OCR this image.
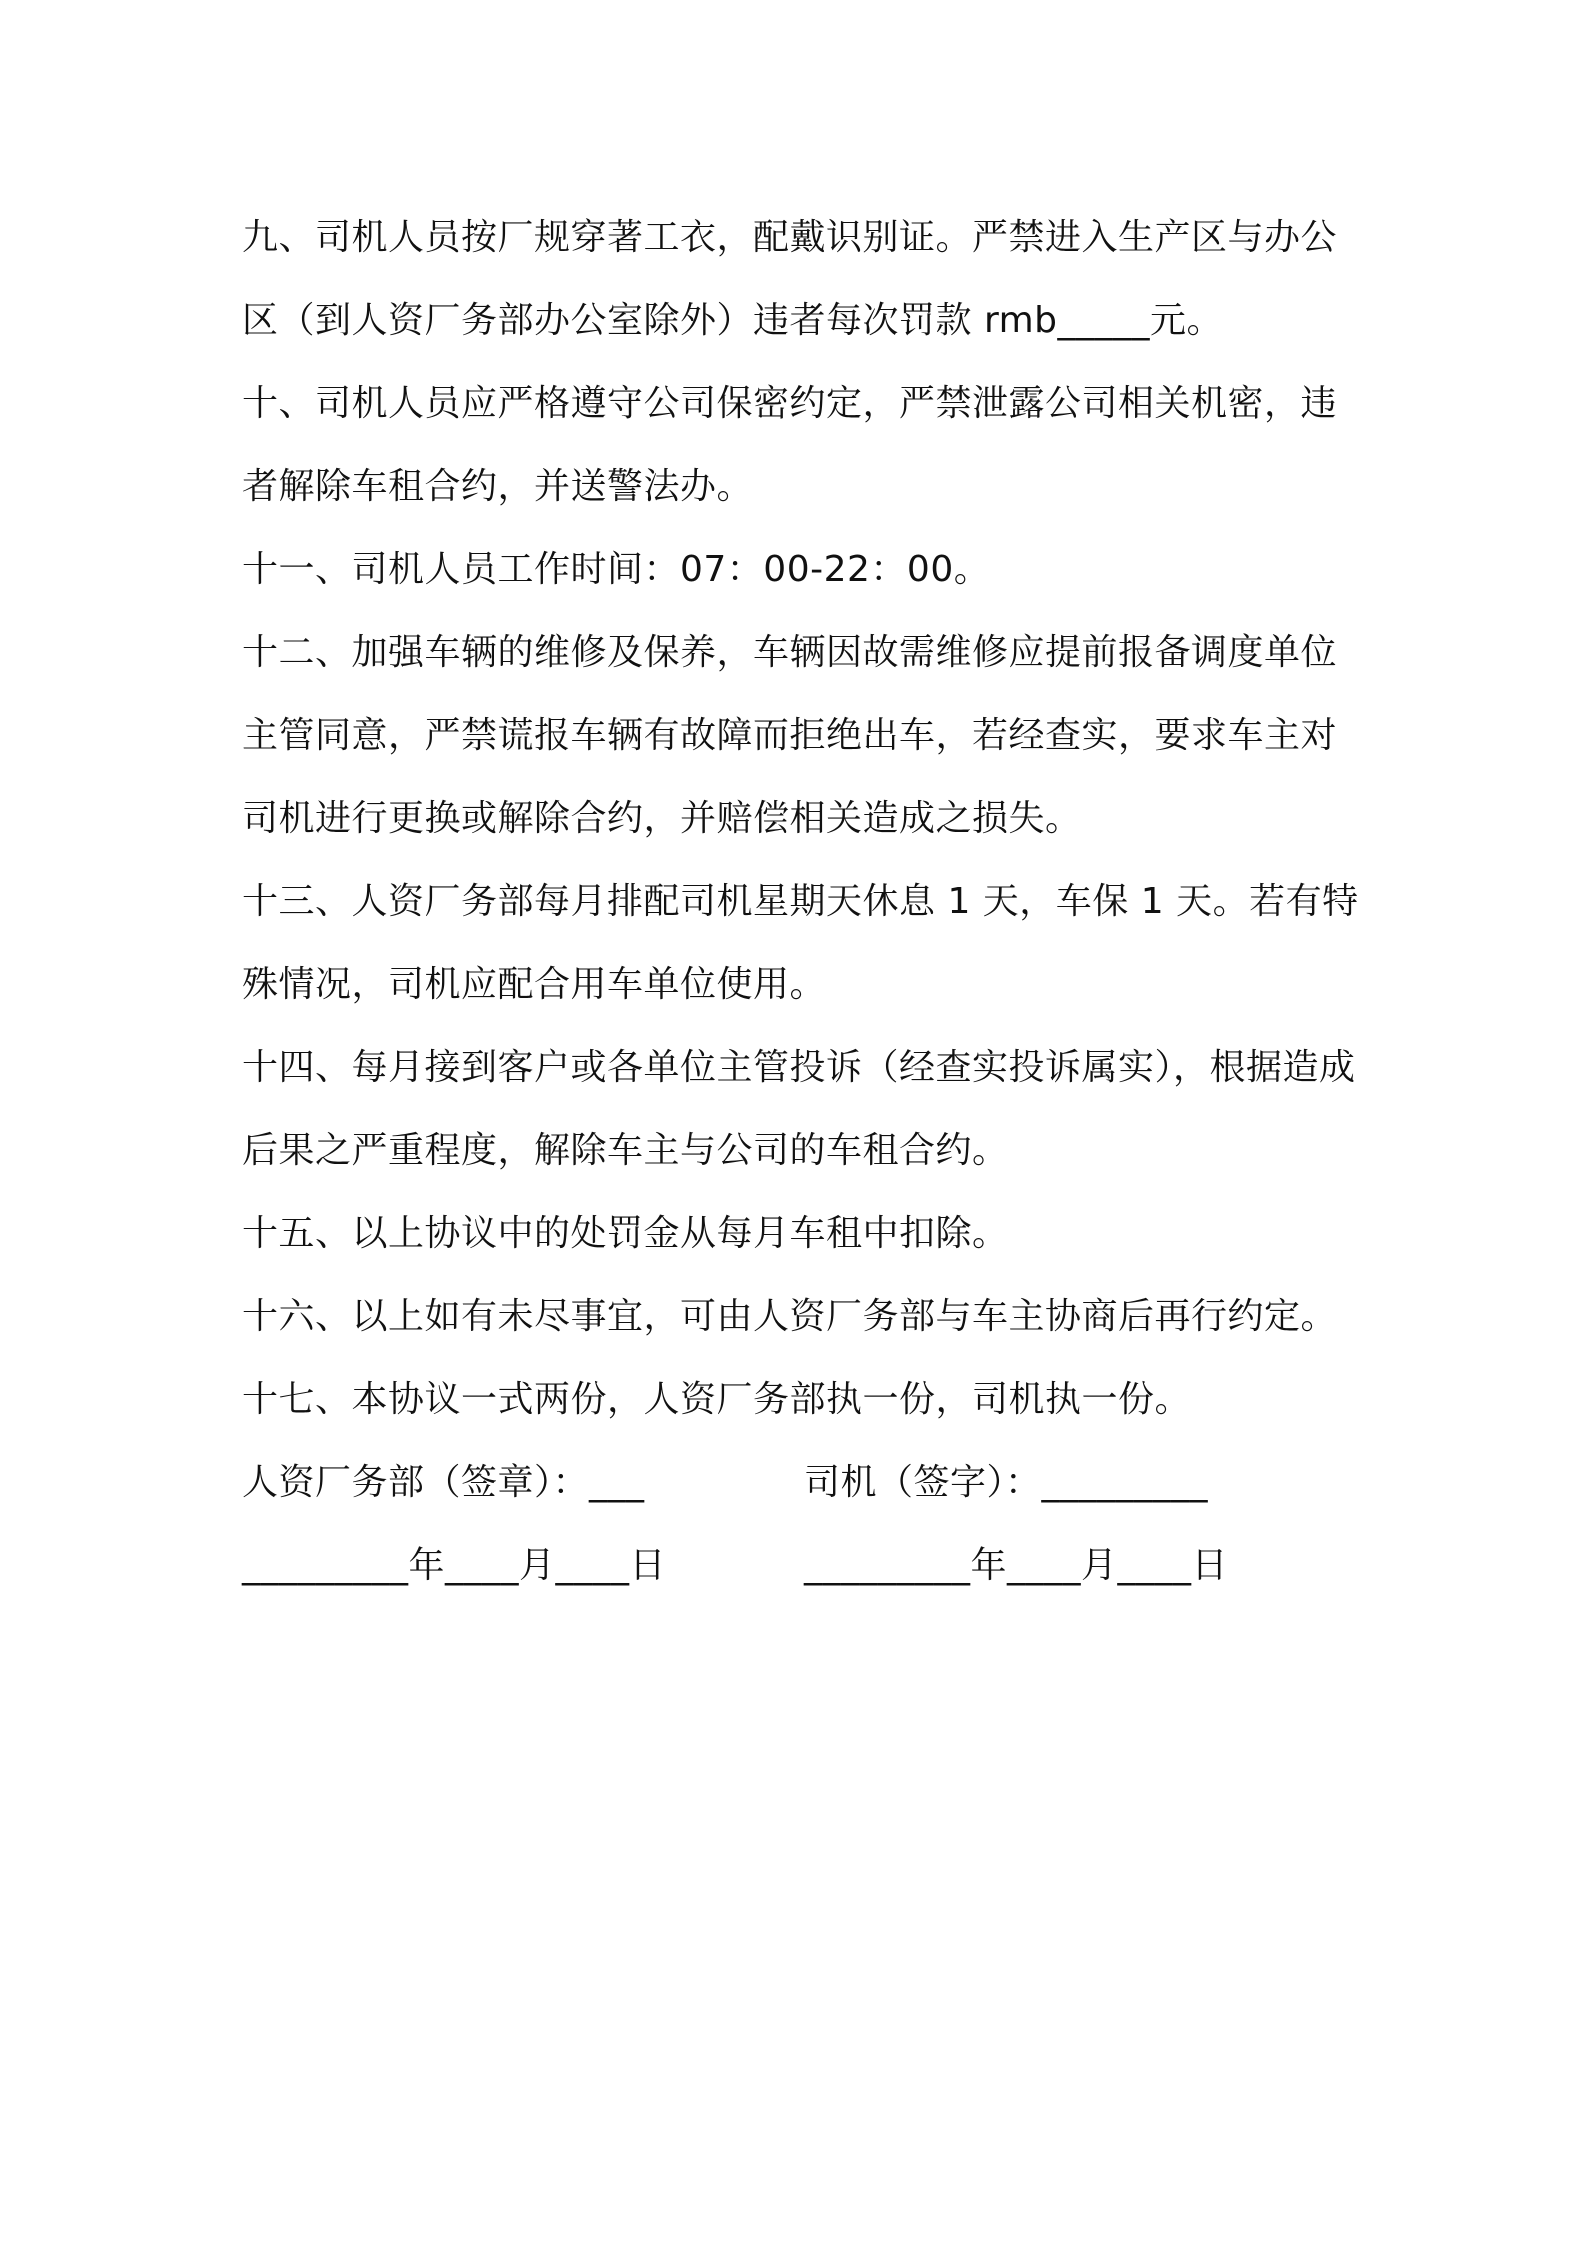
九、司机人员按厂规穿著工衣，配戴识别证。严禁进入生产区与办公区（到人资厂务部办公室除外）违者每次罚款 rmb_____元。

十、司机人员应严格遵守公司保密约定，严禁泄露公司相关机密，违者解除车租合约，并送警法办。

十一、司机人员工作时间：07：00-22：00。

十二、加强车辆的维修及保养，车辆因故需维修应提前报备调度单位主管同意，严禁谎报车辆有故障而拒绝出车，若经查实，要求车主对司机进行更换或解除合约，并赔偿相关造成之损失。

十三、人资厂务部每月排配司机星期天休息 1 天，车保 1 天。若有特殊情况，司机应配合用车单位使用。

十四、每月接到客户或各单位主管投诉（经查实投诉属实），根据造成后果之严重程度，解除车主与公司的车租合约。

十五、以上协议中的处罚金从每月车租中扣除。

十六、以上如有未尽事宜，可由人资厂务部与车主协商后再行约定。

十七、本协议一式两份，人资厂务部执一份，司机执一份。

人资厂务部（签章）：___	司机（签字）：_________
_________年____月____日	_________年____月____日
